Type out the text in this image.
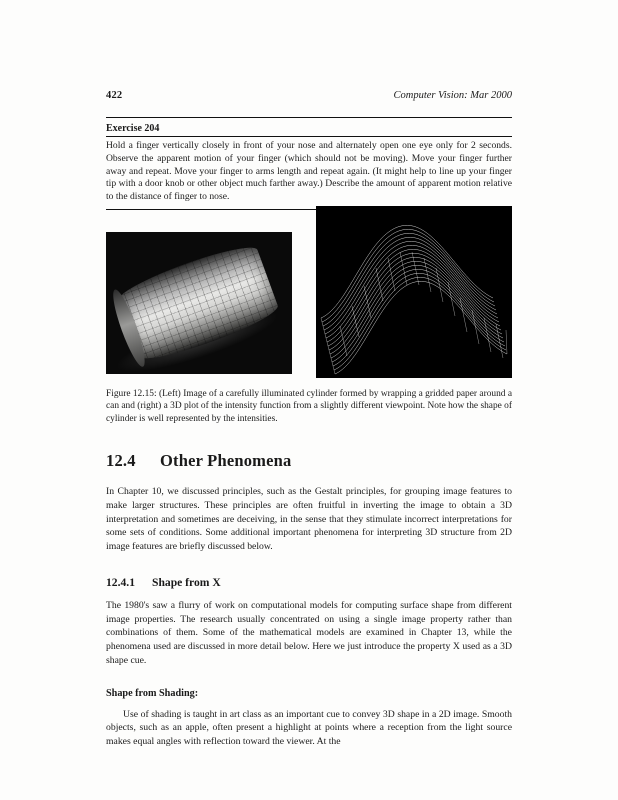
422	Computer Vision: Mar 2000
Exercise 204
Hold a finger vertically closely in front of your nose and alternately open one eye only for 2 seconds. Observe the apparent motion of your finger (which should not be moving). Move your finger further away and repeat. Move your finger to arms length and repeat again. (It might help to line up your finger tip with a door knob or other object much farther away.) Describe the amount of apparent motion relative to the distance of finger to nose.
Figure 12.15: (Left) Image of a carefully illuminated cylinder formed by wrapping a gridded paper around a can and (right) a 3D plot of the intensity function from a slightly different viewpoint. Note how the shape of cylinder is well represented by the intensities.
12.4 Other Phenomena

In Chapter 10, we discussed principles, such as the Gestalt principles, for grouping image features to make larger structures. These principles are often fruitful in inverting the image to obtain a 3D interpretation and sometimes are deceiving, in the sense that they stimulate incorrect interpretations for some sets of conditions. Some additional important phenomena for interpreting 3D structure from 2D image features are briefly discussed below.

12.4.1 Shape from X

The 1980's saw a flurry of work on computational models for computing surface shape from different image properties. The research usually concentrated on using a single image property rather than combinations of them. Some of the mathematical models are examined in Chapter 13, while the phenomena used are discussed in more detail below. Here we just introduce the property X used as a 3D shape cue.

Shape from Shading:

Use of shading is taught in art class as an important cue to convey 3D shape in a 2D image. Smooth objects, such as an apple, often present a highlight at points where a reception from the light source makes equal angles with reflection toward the viewer. At the
